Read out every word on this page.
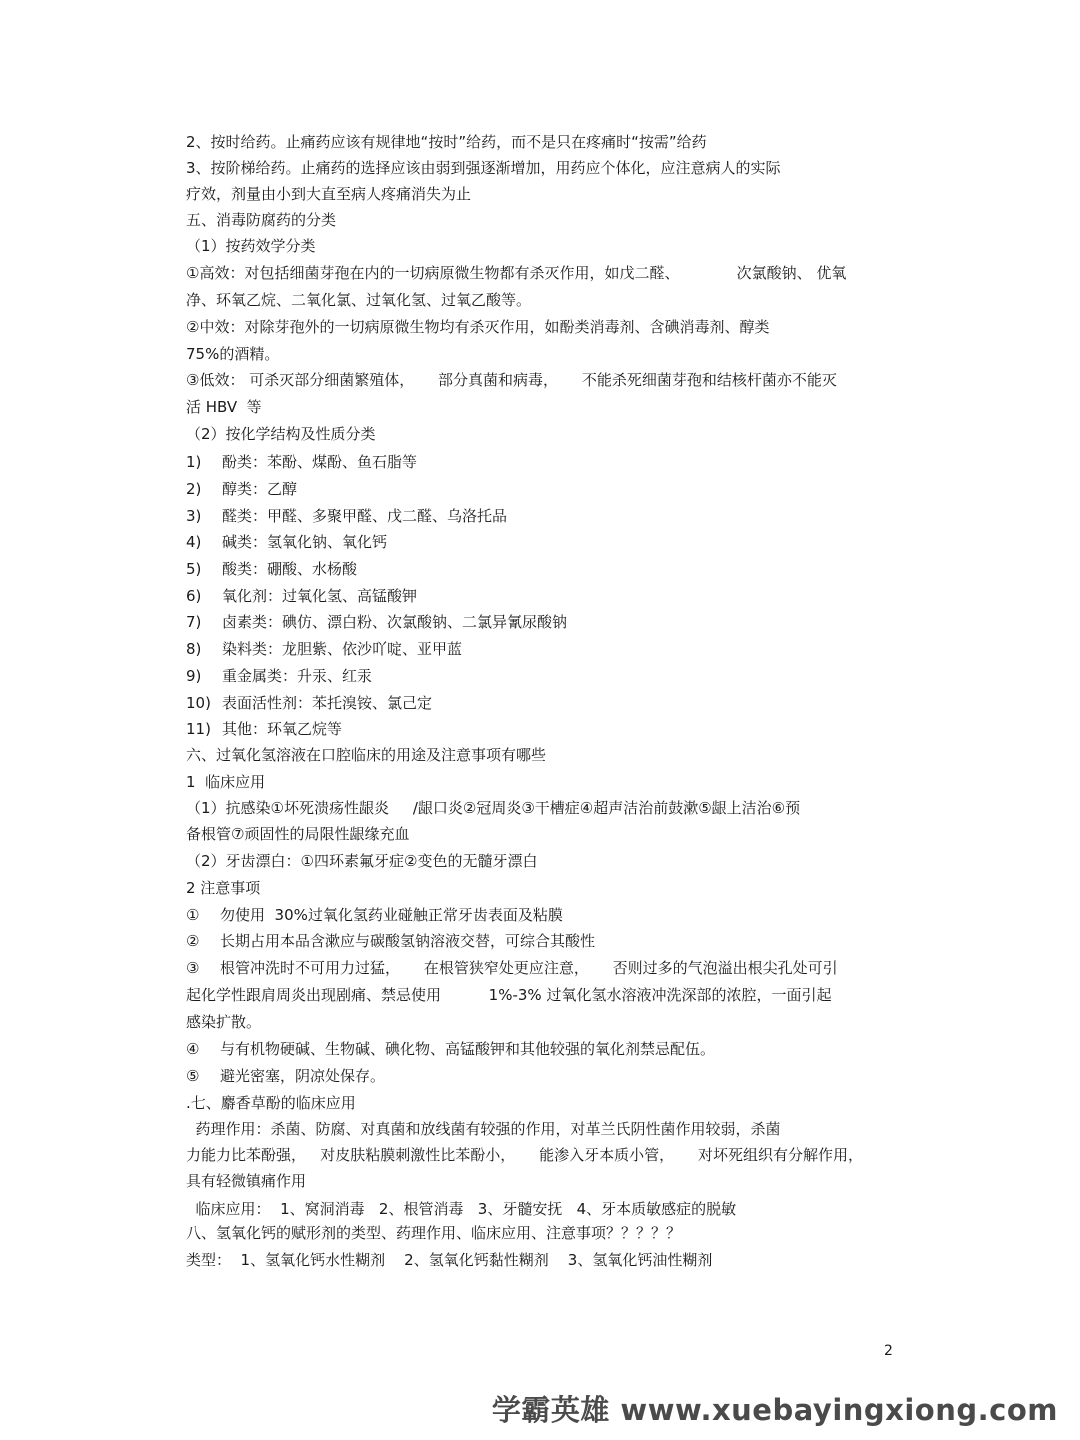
2、按时给药。止痛药应该有规律地“按时”给药，而不是只在疼痛时“按需”给药
3、按阶梯给药。止痛药的选择应该由弱到强逐渐增加，用药应个体化，应注意病人的实际
疗效，剂量由小到大直至病人疼痛消失为止
五、消毒防腐药的分类
（1）按药效学分类
①高效：对包括细菌芽孢在内的一切病原微生物都有杀灭作用，如戊二醛、            次氯酸钠、 优氧
净、环氧乙烷、二氧化氯、过氧化氢、过氧乙酸等。
②中效：对除芽孢外的一切病原微生物均有杀灭作用，如酚类消毒剂、含碘消毒剂、醇类
75%的酒精。
③低效： 可杀灭部分细菌繁殖体，     部分真菌和病毒，     不能杀死细菌芽孢和结核杆菌亦不能灭
活 HBV  等
（2）按化学结构及性质分类
1) 酚类：苯酚、煤酚、鱼石脂等
2) 醇类：乙醇
3) 醛类：甲醛、多聚甲醛、戊二醛、乌洛托品
4) 碱类：氢氧化钠、氧化钙
5) 酸类：硼酸、水杨酸
6) 氧化剂：过氧化氢、高锰酸钾
7) 卤素类：碘仿、漂白粉、次氯酸钠、二氯异氰尿酸钠
8) 染料类：龙胆紫、依沙吖啶、亚甲蓝
9) 重金属类：升汞、红汞
10) 表面活性剂：苯托溴铵、氯己定
11) 其他：环氧乙烷等
六、过氧化氢溶液在口腔临床的用途及注意事项有哪些
1  临床应用
（1）抗感染①坏死溃疡性龈炎     /龈口炎②冠周炎③干槽症④超声洁治前鼓漱⑤龈上洁治⑥预
备根管⑦顽固性的局限性龈缘充血
（2）牙齿漂白：①四环素氟牙症②变色的无髓牙漂白
2 注意事项
① 勿使用  30%过氧化氢药业碰触正常牙齿表面及粘膜
② 长期占用本品含漱应与碳酸氢钠溶液交替，可综合其酸性
③ 根管冲洗时不可用力过猛，     在根管狭窄处更应注意，     否则过多的气泡溢出根尖孔处可引
起化学性跟肩周炎出现剧痛、禁忌使用          1%-3% 过氧化氢水溶液冲洗深部的浓腔，一面引起
感染扩散。
④ 与有机物硬碱、生物碱、碘化物、高锰酸钾和其他较强的氧化剂禁忌配伍。
⑤ 避光密塞，阴凉处保存。
.七、麝香草酚的临床应用
药理作用：杀菌、防腐、对真菌和放线菌有较强的作用，对革兰氏阴性菌作用较弱，杀菌
力能力比苯酚强，   对皮肤粘膜刺激性比苯酚小，     能渗入牙本质小管，     对坏死组织有分解作用，
具有轻微镇痛作用
临床应用：  1、窝洞消毒   2、根管消毒   3、牙髓安抚   4、牙本质敏感症的脱敏
八、氢氧化钙的赋形剂的类型、药理作用、临床应用、注意事项？？？？？
类型：  1、氢氧化钙水性糊剂    2、氢氧化钙黏性糊剂    3、氢氧化钙油性糊剂
2
学霸英雄 www.xuebayingxiong.com
